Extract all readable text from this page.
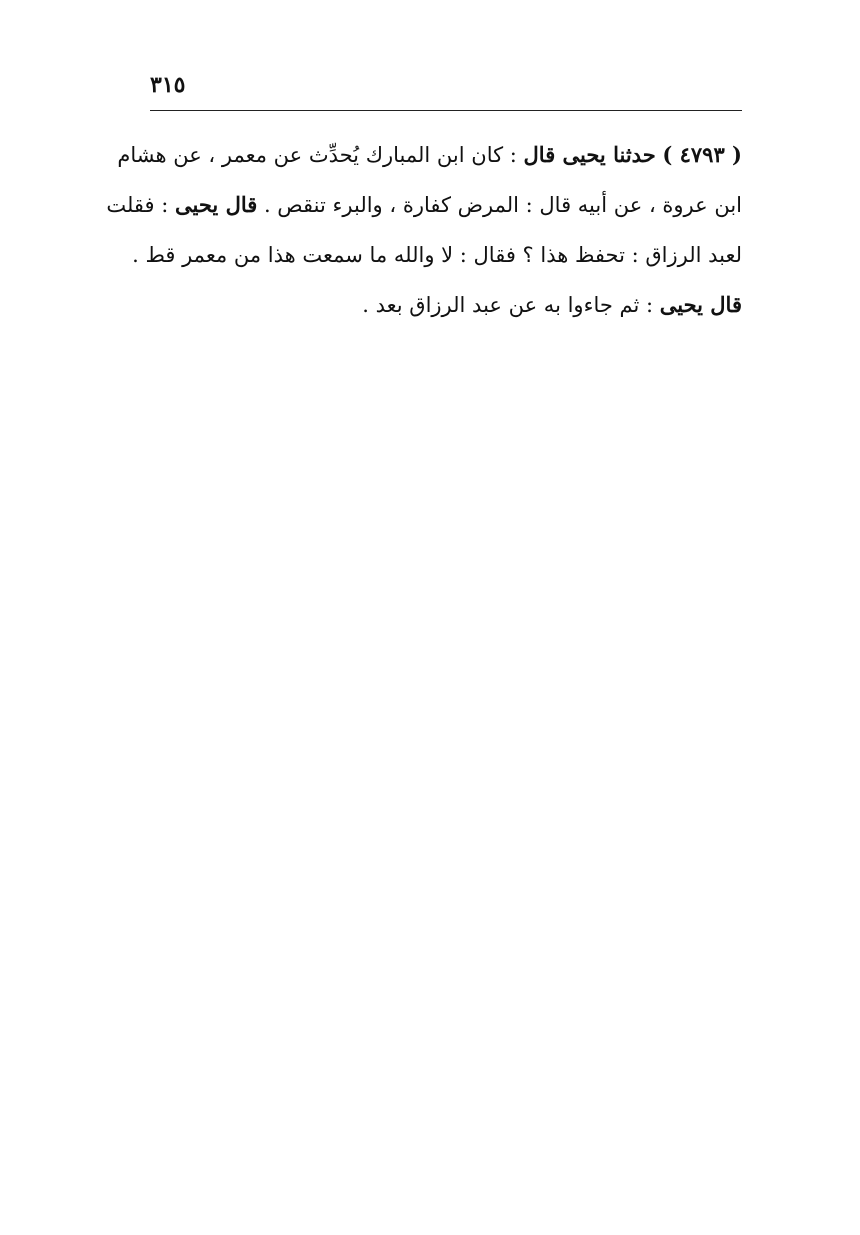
٣١٥
( ٤٧٩٣ ) حدثنا يحيى قال : كان ابن المبارك يُحدِّث عن معمر ، عن هشام
ابن عروة ، عن أبيه قال : المرض كفارة ، والبرء تنقص . قال يحيى : فقلت
لعبد الرزاق : تحفظ هذا ؟ فقال : لا والله ما سمعت هذا من معمر قط .
قال يحيى : ثم جاءوا به عن عبد الرزاق بعد .
